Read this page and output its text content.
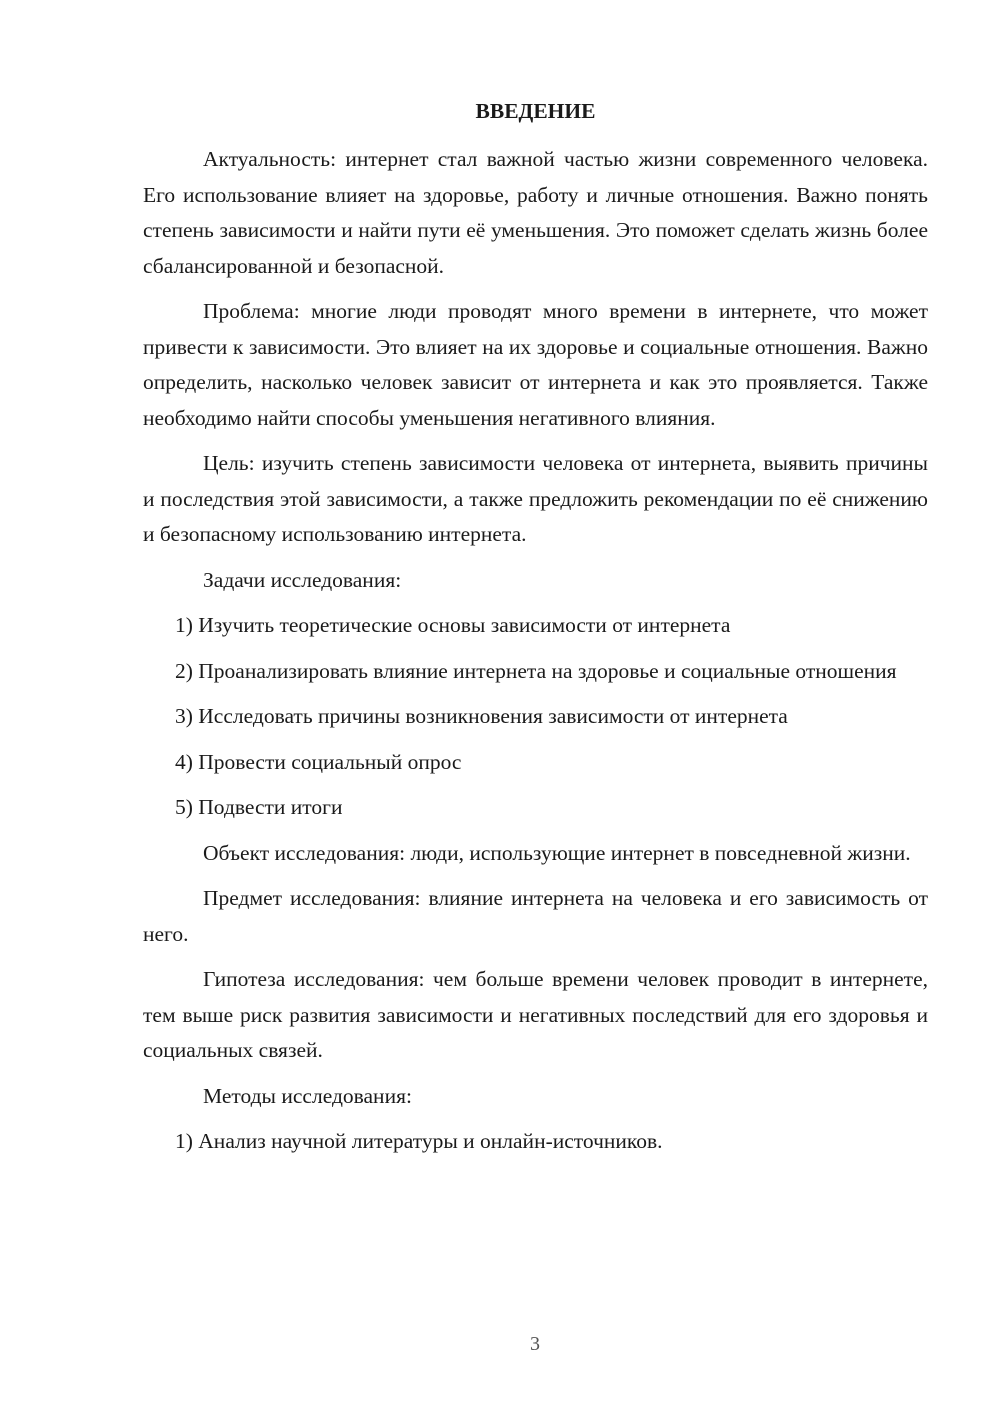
ВВЕДЕНИЕ

Актуальность: интернет стал важной частью жизни современного человека. Его использование влияет на здоровье, работу и личные отношения. Важно понять степень зависимости и найти пути её уменьшения. Это поможет сделать жизнь более сбалансированной и безопасной.

Проблема: многие люди проводят много времени в интернете, что может привести к зависимости. Это влияет на их здоровье и социальные отношения. Важно определить, насколько человек зависит от интернета и как это проявляется. Также необходимо найти способы уменьшения негативного влияния.

Цель: изучить степень зависимости человека от интернета, выявить причины и последствия этой зависимости, а также предложить рекомендации по её снижению и безопасному использованию интернета.

Задачи исследования:

1) Изучить теоретические основы зависимости от интернета

2) Проанализировать влияние интернета на здоровье и социальные отношения

3) Исследовать причины возникновения зависимости от интернета

4) Провести социальный опрос

5) Подвести итоги

Объект исследования: люди, использующие интернет в повседневной жизни.

Предмет исследования: влияние интернета на человека и его зависимость от него.

Гипотеза исследования: чем больше времени человек проводит в интернете, тем выше риск развития зависимости и негативных последствий для его здоровья и социальных связей.

Методы исследования:

1) Анализ научной литературы и онлайн-источников.

3
